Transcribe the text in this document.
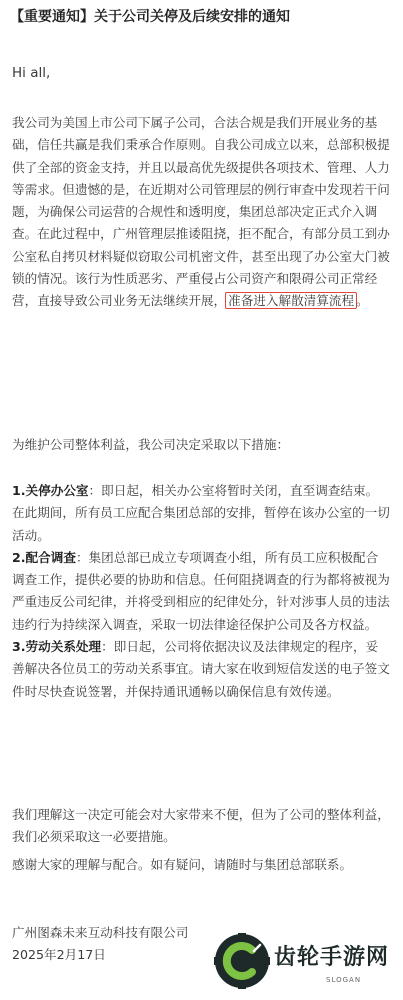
【重要通知】关于公司关停及后续安排的通知
Hi all,
我公司为美国上市公司下属子公司，合法合规是我们开展业务的基础，信任共赢是我们秉承合作原则。自我公司成立以来，总部积极提供了全部的资金支持，并且以最高优先级提供各项技术、管理、人力等需求。但遗憾的是，在近期对公司管理层的例行审查中发现若干问题，为确保公司运营的合规性和透明度，集团总部决定正式介入调查。在此过程中，广州管理层推诿阻挠，拒不配合，有部分员工到办公室私自拷贝材料疑似窃取公司机密文件，甚至出现了办公室大门被锁的情况。该行为性质恶劣、严重侵占公司资产和限碍公司正常经营，直接导致公司业务无法继续开展， 准备进入解散清算流程 。
为维护公司整体利益，我公司决定采取以下措施：

1.关停办公室：即日起，相关办公室将暂时关闭，直至调查结束。在此期间，所有员工应配合集团总部的安排，暂停在该办公室的一切活动。

2.配合调查：集团总部已成立专项调查小组，所有员工应积极配合调查工作，提供必要的协助和信息。任何阻挠调查的行为都将被视为严重违反公司纪律，并将受到相应的纪律处分，针对涉事人员的违法违约行为持续深入调查，采取一切法律途径保护公司及各方权益。

3.劳动关系处理：即日起，公司将依据决议及法律规定的程序，妥善解决各位员工的劳动关系事宜。请大家在收到短信发送的电子签文件时尽快查说签署，并保持通讯通畅以确保信息有效传递。

我们理解这一决定可能会对大家带来不便，但为了公司的整体利益，我们必须采取这一必要措施。
感谢大家的理解与配合。如有疑问，请随时与集团总部联系。

广州图森未来互动科技有限公司

2025年2月17日	齿轮手游网
SLOGAN
